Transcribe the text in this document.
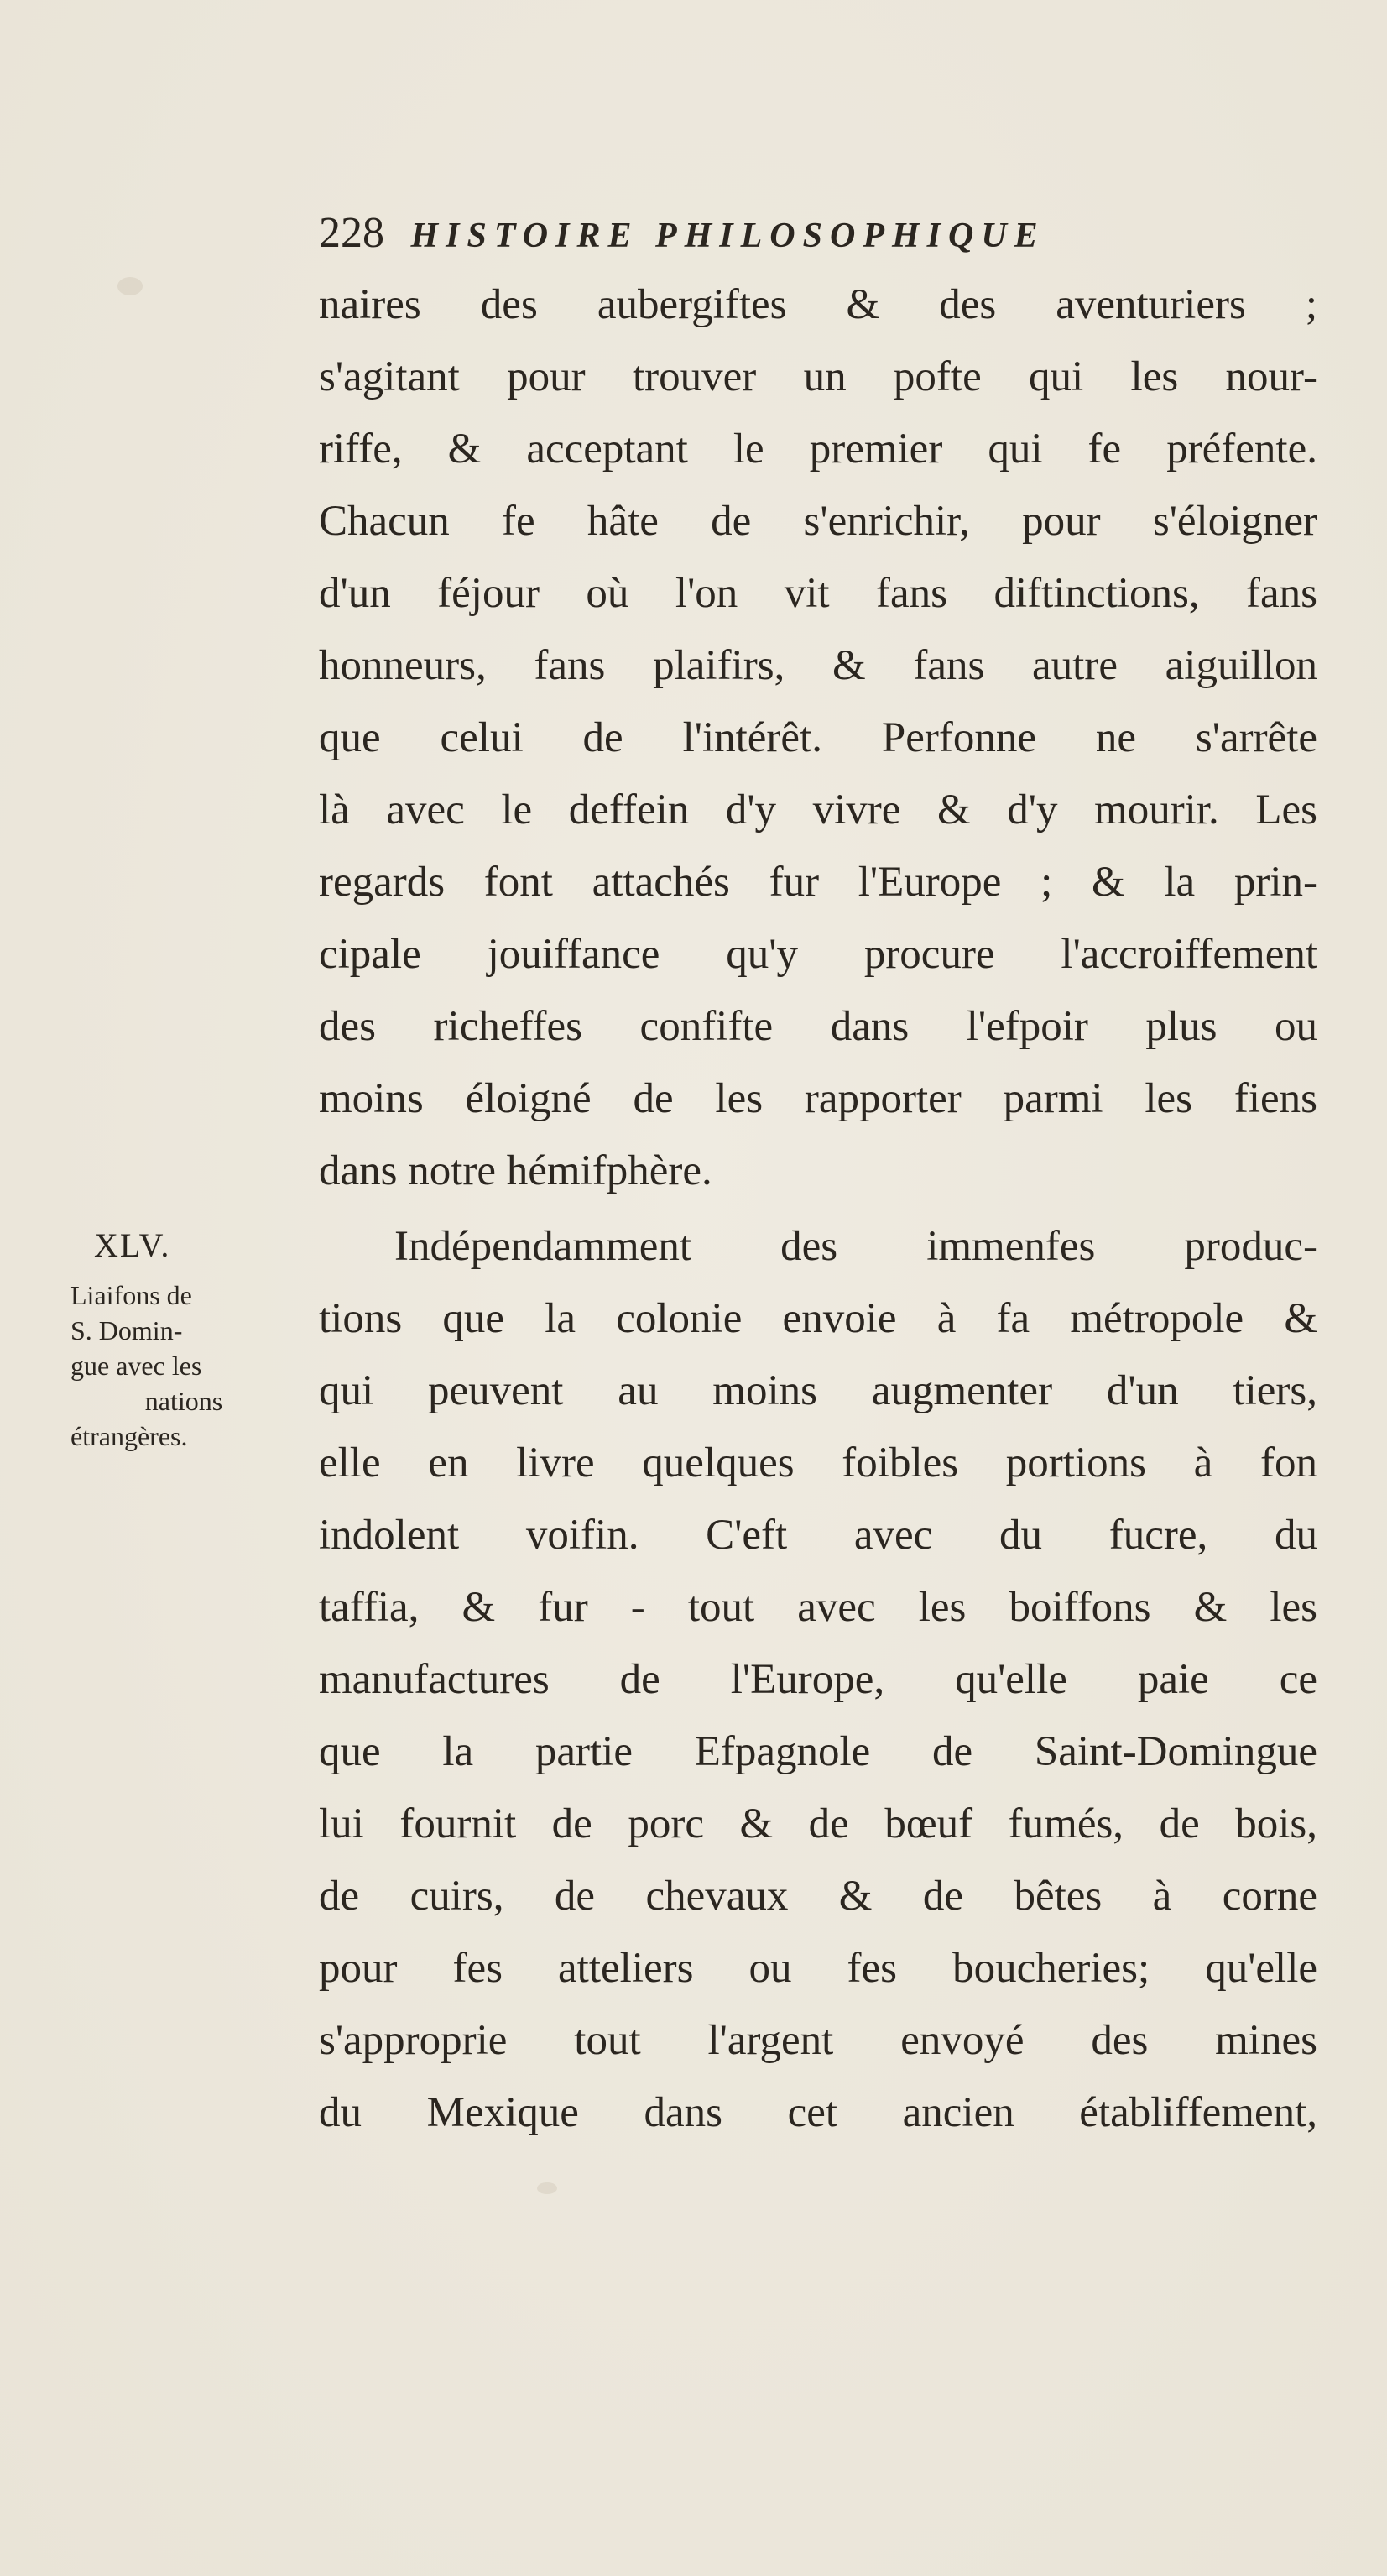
228 HISTOIRE PHILOSOPHIQUE
naires des aubergiftes & des aventuriers ;
s'agitant pour trouver un pofte qui les nour-
riffe, & acceptant le premier qui fe préfente.
Chacun fe hâte de s'enrichir, pour s'éloigner
d'un féjour où l'on vit fans diftinctions, fans
honneurs, fans plaifirs, & fans autre aiguillon
que celui de l'intérêt. Perfonne ne s'arrête
là avec le deffein d'y vivre & d'y mourir. Les
regards font attachés fur l'Europe ; & la prin-
cipale jouiffance qu'y procure l'accroiffement
des richeffes confifte dans l'efpoir plus ou
moins éloigné de les rapporter parmi les fiens
dans notre hémifphère.
XLV.
Liaifons de
S. Domin-
gue avec les
nations
étrangères.
Indépendamment des immenfes produc-
tions que la colonie envoie à fa métropole &
qui peuvent au moins augmenter d'un tiers,
elle en livre quelques foibles portions à fon
indolent voifin. C'eft avec du fucre, du
taffia, & fur - tout avec les boiffons & les
manufactures de l'Europe, qu'elle paie ce
que la partie Efpagnole de Saint-Domingue
lui fournit de porc & de bœuf fumés, de bois,
de cuirs, de chevaux & de bêtes à corne
pour fes atteliers ou fes boucheries; qu'elle
s'approprie tout l'argent envoyé des mines
du Mexique dans cet ancien établiffement,
